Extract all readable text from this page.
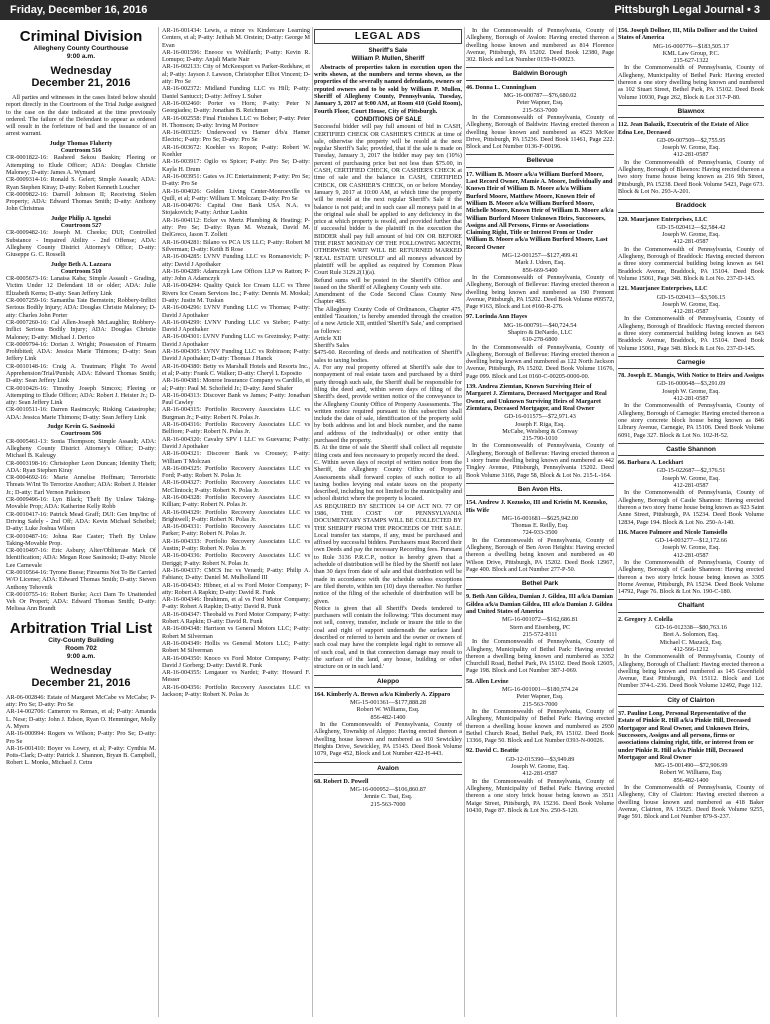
Friday, December 16, 2016	Pittsburgh Legal Journal • 3
Criminal Division
Allegheny County Courthouse
9:00 a.m.
Wednesday
December 21, 2016

All parties and witnesses in the cases listed below should report directly in the Courtroom of the Trial Judge assigned to the case on the date indicated at the time previously ordered. The failure of the Defendant to appear as ordered will result in the forfeiture of bail and the issuance of an arrest warrant.

Judge Thomas Flaherty
Courtroom 516
CR-0001822-16: Rasheed Sekou Baskin; Fleeing or Attempting to Elude Officer; ADA: Douglas Christie Maloney; D-atty: James A. Wymard
CR-0009314-16: Ronald S. Gelert; Simple Assault; ADA: Ryan Stephen Kiray; D-atty: Robert Kenneth Loucher
CR-0009822-16: Darrell Johnson II; Receiving Stolen Property; ADA: Edward Thomas Smith; D-atty: Anthony John Christmas
Judge Philip A. Ignelzi
Courtroom 527
CR-0009482-16: Joseph M. Cheeks; DUI; Controlled Substance - Impaired Ability - 2nd Offense; ADA: Allegheny County District Attorney's Office; D-atty: Giuseppe G. C. Rosselli
Judge Beth A. Lazzara
Courtroom 510
CR-0005673-16: Lanaisa Kaba; Simple Assault - Grading, Victim Under 12 Defendant 18 or older; ADA: Julie Elizabeth Kerns; D-atty: Sean Jeffery Link
CR-0007259-16: Samantha Tate Bernstein; Robbery-Inflict Serious Bodily Injury; ADA: Douglas Christie Maloney; D-atty: Charles John Porter
CR-0007260-16: Cal Allen-Joseph McLaughlin; Robbery-Inflict Serious Bodily Injury; ADA: Douglas Christie Maloney; D-atty: Michael J. Derico
CR-0009794-16: Dorian J. Wright; Possession of Firearm Prohibited; ADA: Jessica Marie Thimons; D-atty: Sean Jeffery Link
CR-0010148-16: Craig A. Trautman; Flight To Avoid Apprehension/Trial/Punish; ADA: Edward Thomas Smith; D-atty: Sean Jeffery Link
CR-0010426-16: Timothy Joseph Simcox; Fleeing or Attempting to Elude Officer; ADA: Robert J. Heister Jr.; D-atty: Sean Jeffery Link
CR-0010511-16: Darren Rasimczyk; Risking Catastrophe; ADA: Jessica Marie Thimons; D-atty: Sean Jeffery Link
Judge Kevin G. Sasinoski
Courtroom 506
CR-0005461-13: Sonia Thompson; Simple Assault; ADA: Allegheny County District Attorney's Office; D-atty: Michael B. Kaleugy
CR-0003198-16: Christopher Leon Duncan; Identity Theft; ADA: Ryan Stephen Kiray
CR-0004692-16: Marie Annelise Hoffman; Terroristic Threats W/Int To Terrorize Another; ADA: Robert J. Heister Jr.; D-atty: Earl Vernon Parkinson
CR-0009496-16: Lyn Black; Theft By Unlaw Taking-Movable Prop; ADA: Katherine Kelly Robb
CR-0010417-16: Patrick Mead Graff; DUI: Gen Imp/Inc of Driving Safely - 2nd Off; ADA: Kevin Michael Scheibel; D-atty: Luke Joshua Wilson
CR-0010487-16: Johna Rae Caster; Theft By Unlaw Taking-Movable Prop.
CR-0010497-16: Eric Asbury; Alter/Obliterate Mark Of Identification; ADA: Megan Rose Sasinoski; D-atty: Nicole Lee Carnevale
CR-0010564-16: Tyrone Buese; Firearms Not To Be Carried W/O License; ADA: Edward Thomas Smith; D-atty: Steven Anthony Tehovnik
CR-0010755-16: Robert Burke; Acci Dam To Unattended Veh Or Propert; ADA: Edward Thomas Smith; D-atty: Melissa Ann Brandt
Arbitration Trial List
City-County Building
Room 702
9:00 a.m.
Wednesday
December 21, 2016
AR-06-002846: Estate of Margaret McCabe vs McCabe; P-atty: Pro Se; D-atty: Pro Se
AR-14-002706: Cameron vs Remax, et al; P-atty: Amanda L. Nese; D-atty: John J. Edson, Ryan O. Hemminger, Molly A. Myers
AR-16-000994: Rogers vs Wilson; P-atty: Pro Se; D-atty: Pro Se
AR-16-001410: Boyer vs Lowry, et al; P-atty: Cynthia M. Potts-Clark; D-atty: Patrick J. Shannon, Bryan B. Campbell, Robert L. Monks, Michael J. Cetra
AR-16-001434: Lewis, a minor vs Kindercare Learning Centers, et al; P-atty: Jeithah M. Orstein; D-atty: George M Evan
AR-16-001596: Eneoce vs Wohlfarth; P-atty: Kevin R. Lomupo; D-atty: Anjali Marie Nair
AR-16-002133: City of McKeesport vs Parker-Redshaw, et al; P-atty: Jayson J. Lawson, Christopher Elliot Vincent; D-atty: Pro Se
AR-16-002372: Midland Funding LLC vs Hill; P-atty: Daniel Santucci; D-atty: Jeffrey L Suher
AR-16-002460: Porter vs Horn; P-atty: Peter N Georgiades; D-atty: Jonathan B. Reichman
AR-16-002558: Final Finishes LLC vs Bober; P-atty: Peter H. Thomson; D-atty: Irving M Porinov
AR-16-003325: Underwood vs Hamer d/b/a Hamer Electric; P-atty: Pro Se; D-atty: Pro Se
AR-16-003672: Koehler vs Ropon; P-atty: Robert W. Koehler
AR-16-003917: Ogilo vs Spicer; P-atty: Pro Se; D-atty: Kayla H. Drum
AR-16-003951: Gates vs JC Entertainment; P-atty: Pro Se; D-atty: Pro Se
AR-16-004026: Golden Living Center-Monroeville vs Quill, et al; P-atty: William T. Molczan; D-atty: Pro Se
AR-16-004076: Capital One Bank USA N.A. vs Stojakovich; P-atty: Arthur Lashin
AR-16-004112: Ecker vs Mertz Plumbing & Heating; P-atty: Pro Se; D-atty: Ryan M. Woznak, David M. DelGreco, Jason T. Zollett
AR-16-004281: Bilano vs PCA US LLC; P-atty: Robert M Silverman; D-atty: Keith B Rose
AR-16-004285: LVNV Funding LLC vs Romanovich; P-atty: David J Apothaker
AR-16-004289: Adamczyk Law Offices LLP vs Ratton; P-atty: John A Adamczyk
AR-16-004294: Quality Quick Ice Cream LLC vs Three Rivers Ice Cream Services Inc.; P-atty: Dennis M. Moskal; D-atty: Justin M. Tuskan
AR-16-004296: LVNV Funding LLC vs Thomas; P-atty: David J Apothaker
AR-16-004299: LVNV Funding LLC vs Sieber; P-atty: David J Apothaker
AR-16-004301: LVNV Funding LLC vs Grezinsky; P-atty: David J Apothaker
AR-16-004305: LVNV Funding LLC vs Robinson; P-atty: David J Apothaker; D-atty: Thomas J Hanck
AR-16-004380: Betty vs Marshall Hotels and Resorts Inc., et al; P-atty: Frank C. Walker; D-atty: Cheryl L Esposito
AR-16-004381: Monroe Insurance Company vs Cardillo, et al; P-atty: Paul M. Schofield Jr.; D-atty: Jared Shafer
AR-16-004313: Discover Bank vs James; P-atty: Jonathan Paul Cawley
AR-16-004315: Portfolio Recovery Associates LLC vs Burgman Jr.; P-atty: Robert N. Polas Jr.
AR-16-004316: Portfolio Recovery Associates LLC vs Belfiore; P-atty: Robert N. Polas Jr.
AR-16-004320: Cavalry SPV I LLC vs Guevarra; P-atty: David J Apothaker
AR-16-004321: Discover Bank vs Crousey; P-atty: William T Molczan
AR-16-004325: Portfolio Recovery Associates LLC vs Ford; P-atty: Robert N. Polas Jr.
AR-16-004327: Portfolio Recovery Associates LLC vs McClintock; P-atty: Robert N. Polas Jr.
AR-16-004328: Portfolio Recovery Associates LLC vs Killian; P-atty: Robert N. Polas Jr.
AR-16-004329: Portfolio Recovery Associates LLC vs Brightwell; P-atty: Robert N. Polas Jr.
AR-16-004331: Portfolio Recovery Associates LLC vs Parker; P-atty: Robert N. Polas Jr.
AR-16-004333: Portfolio Recovery Associates LLC vs Austin; P-atty: Robert N. Polas Jr.
AR-16-004336: Portfolio Recovery Associates LLC vs Deriggi; P-atty: Robert N. Polas Jr.
AR-16-004337: CMCS Inc vs Verardi; P-atty: Philip A. Fabiano; D-atty: Daniel M. Mulholland III
AR-16-004343: Hibner, et al vs Ford Motor Company; P-atty: Robert A Rapkin; D-atty: David R. Funk
AR-16-004346: Ibrahimm, et al vs Ford Motor Company; P-atty: Robert A Rapkin; D-atty: David R. Funk
AR-16-004347: Theobald vs Ford Motor Company; P-atty: Robert A Rapkin; D-atty: David R. Funk
AR-16-004348: Harrison vs General Motors LLC; P-atty: Robert M Silverman
AR-16-004349: Hollis vs General Motors LLC; P-atty: Robert M Silverman
AR-16-004350: Knoco vs Ford Motor Company; P-atty: David J Gorberg; D-atty: David R. Funk
AR-16-004355: Lengauer vs Nardei; P-atty: Howard F. Messer
AR-16-004356: Portfolio Recovery Associates LLC vs Jackson; P-atty: Robert N. Polas Jr.
LEGAL ADS
Sheriff's Sale
William P. Mullen, Sheriff

Abstracts of properties taken in execution upon the writs shown, at the numbers and terms shown, as the properties of the severally named defendants, owners or reputed owners and to be sold by William P. Mullen, Sheriff of Allegheny County, Pennsylvania, Tuesday, January 3, 2017 at 9:00 AM, at Room 410 (Gold Room), Fourth Floor, Court House, City of Pittsburgh.

CONDITIONS OF SALE
Successful bidder will pay full amount of bid in CASH, CERTIFIED CHECK OR CASHIER'S CHECK at time of sale, otherwise the property will be resold at the next regular Sheriff's Sale; provided, that if the sale is made on Tuesday, January 3, 2017 the bidder may pay ten (10%) percent of purchasing price but not less than $75.00, in CASH, CERTIFIED CHECK, OR CASHIER'S CHECK at time of sale and the balance in CASH, CERTIFIED CHECK, OR CASHIER'S CHECK, on or before Monday, January 9, 2017 at 10:00 AM, at which time the property will be resold at the next regular Sheriff's Sale if the balance is not paid; and in such case all moneys paid in at the original sale shall be applied to any deficiency in the price at which property is resold, and provided further that if successful bidder is the plaintiff in the execution the BIDDER shall pay full amount of bid ON OR BEFORE THE FIRST MONDAY OF THE FOLLOWING MONTH, OTHERWISE WRIT WILL BE RETURNED MARKED 'REAL ESTATE UNSOLD' and all moneys advanced by plaintiff will be applied as required by Common Pleas Court Rule 3129.2(1)(a).
Refund sums will be posted in the Sheriff's Office and issued on the Sheriff of Allegheny County web site.
Amendment of the Code Second Class County New Chapter 48S.
The Allegheny County Code of Ordinances, Chapter 475, entitled 'Taxation,' is hereby amended through the creation of a new Article XII, entitled 'Sheriff's Sale,' and comprised as follows:
Article XII
Sheriff's Sales
$475-60. Recording of deeds and notification of Sheriff's sales to taxing bodies.
A. For any real property offered at Sheriff's sale due to nonpayment of real estate taxes and purchased by a third party through such sale, the Sheriff shall be responsible for filing the deed and, within seven days of filing of the Sheriff's deed, provide written notice of the conveyance to the Allegheny County Office of Property Assessments. The written notice required pursuant to this subsection shall include the date of sale, identification of the property sold by both address and lot and block number, and the name and address of the individual(s) or other entity that purchased the property.
B. At the time of sale the Sheriff shall collect all requisite filing costs and fees necessary to properly record the deed.
C. Within seven days of receipt of written notice from the Sheriff, the Allegheny County Office of Property Assessments shall forward copies of such notice to all taxing bodies levying real estate taxes on the property described, including but not limited to the municipality and school district where the property is located.
AS REQUIRED BY SECTION 14 OF ACT NO. 77 OF 1986, THE COST OF PENNSYLVANIA DOCUMENTARY STAMPS WILL BE COLLECTED BY THE SHERIFF FROM THE PROCEEDS OF THE SALE. Local transfer tax stamps, if any, must be purchased and affixed by successful bidders. Purchasers must Record their own Deeds and pay the necessary Recording fees. Pursuant to Rule 3136 P.R.C.P., notice is hereby given that a schedule of distribution will be filed by the Sheriff not later than 30 days from date of sale and that distribution will be made in accordance with the schedule unless exceptions are filed thereto, within ten (10) days thereafter. No further notice of the filing of the schedule of distribution will be given.
Notice is given that all Sheriff's Deeds tendered to purchasers will contain the following: 'This document may not sell, convey, transfer, include or insure the title to the coal and right of support underneath the surface land described or referred to herein and the owner or owners of such coal may have the complete legal right to remove all of such coal, and in that connection damage may result to the surface of the land, any house, building or other structure on or in such land.'
Aleppo

164. Kimberly A. Brown a/k/a Kimberly A. Zipparo

MG-15-001361—$177,888.28
Robert W. Williams, Esq.
856-482-1400

In the Commonwealth of Pennsylvania, County of Allegheny, Township of Aleppo: Having erected thereon a dwelling house known and numbered as 910 Sewickley Heights Drive, Sewickley, PA 15143. Deed Book Volume 1079, Page 452, Block and Lot Number 422-H-443.

Avalon

68. Robert D. Powell

MG-16-000952—$106,860.87
Jennie C. Tsai, Esq.
215-563-7000

In the Commonwealth of Pennsylvania, County of Allegheny, Borough of Avalon: Having erected thereon a dwelling house known and numbered as 814 Florence Avenue, Pittsburgh, PA 15202. Deed Book 12380, Page 302. Block and Lot Number 0159-H-00023.

Baldwin Borough

46. Donna L. Cunningham

MG-16-000787—$76,680.02
Peter Wapner, Esq.
215-563-7000

In the Commonwealth of Pennsylvania, County of Allegheny, Borough of Baldwin: Having erected thereon a dwelling house known and numbered as 4523 McKee Drive, Pittsburgh, PA 15236. Deed Book 11461, Page 222. Block and Lot Number 0136-F-00196.

Bellevue

17. William B. Moore a/k/a William Burford Moore, Last Record Owner, Mamie A. Moore, Individually and Known Heir of William B. Moore a/k/a William Burford Moore, Matthew Moore, Known Heir of William B. Moore a/k/a William Burford Moore, Michelle Moore, Known Heir of William B. Moore a/k/a William Burford Moore Unknown Heirs, Successors, Assigns and All Persons, Firms or Associations Claiming Right, Title or Interest From or Under William B. Moore a/k/a William Burford Moore, Last Record Owner

MG-12-001257—$127,499.41
Mark J. Udren, Esq.
856-669-5400

In the Commonwealth of Pennsylvania, County of Allegheny, Borough of Bellevue: Having erected thereon a dwelling being known and numbered as 190 Fremont Avenue, Pittsburgh, PA 15202. Deed Book Volume #09572, Page #163, Block and Lot #160-R-276.

97. Lorinda Ann Hayes

MG-16-000791—$40,724.54
Shapiro & DeNardo, LLC
610-278-6800

In the Commonwealth of Pennsylvania, County of Allegheny, Borough of Bellevue: Having erected thereon a dwelling being known and numbered as 122 North Jackson Avenue, Pittsburgh, PA 15202. Deed Book Volume 11676, Page 099. Block and Lot 0160-C-00205-0000-00.

139. Andrea Ziemtan, Known Surviving Heir of Margaret J. Ziemtara, Deceased Mortgagor and Real Owner, and Unknown Surviving Heirs of Margaret Ziemtara, Deceased Mortgagor, and Real Owner

GD-16-011575—$72,971.43
Joseph F. Riga, Esq.
McCabe, Weisberg & Conway
215-790-1010

In the Commonwealth of Pennsylvania, County of Allegheny, Borough of Bellevue: Having erected thereon a 1 story frame dwelling being known and numbered as 442 Tingley Avenue, Pittsburgh, Pennsylvania 15202. Deed Book Volume 3166, Page 58, Block & Lot No. 215-L-164.

Ben Avon Hts.

154. Andrew J. Kozusko, III and Kristin M. Kozusko, His Wife

MG-16-001681—$625,942.00
Thomas E. Reilly, Esq.
724-933-3500

In the Commonwealth of Pennsylvania, County of Allegheny, Borough of Ben Avon Heights: Having erected thereon a dwelling being known and numbered as 40 Wilson Drive, Pittsburgh, PA 15202. Deed Book 12967, Page 400. Block and Lot Number 277-P-50.

Bethel Park

9. Beth Ann Gildea, Damian J. Gildea, III a/k/a Damian Gildea a/k/a Damian Gildea, III a/k/a Damian J. Gildea and United States of America

MG-16-001072—$162,686.81
Stern and Eisenberg, PC
215-572-8111

In the Commonwealth of Pennsylvania, County of Allegheny, Municipality of Bethel Park: Having erected thereon a dwelling being known and numbered as 3352 Churchill Road, Bethel Park, PA 15102. Deed Book 12605, Page 198. Block and Lot Number 387-J-069.

58. Allen Levine

MG-16-001001—$180,574.24
Peter Wapner, Esq.
215-563-7000

In the Commonwealth of Pennsylvania, County of Allegheny, Municipality of Bethel Park: Having erected thereon a dwelling house known and numbered as 2930 Bethel Church Road, Bethel Park, PA 15102. Deed Book 13366, Page 50. Block and Lot Number 0393-N-00026.

92. David C. Beattie

GD-12-015390—$3,949.89
Joseph W. Grome, Esq.
412-281-0587

In the Commonwealth of Pennsylvania, County of Allegheny, Municipality of Bethel Park: Having erected thereon a one story brick house being known as 3511 Maige Street, Pittsburgh, PA 15236. Deed Book Volume 10430, Page 87. Block & Lot No. 250-S-120.

156. Joseph Dollner, III, Mila Dollner and the United States of America

MG-16-000776—$183,505.17
KML Law Group, P.C.
215-627-1322

In the Commonwealth of Pennsylvania, County of Allegheny, Municipality of Bethel Park: Having erected thereon a one story dwelling being known and numbered as 102 Stuart Street, Bethel Park, PA 15102. Deed Book Volume 10930, Page 262, Block & Lot 317-P-80.

Blawnox

112. Jean Balazik, Executrix of the Estate of Alice Edna Lee, Deceased

GD-09-007509—$2,755.95
Joseph W. Grome, Esq.
412-281-0587

In the Commonwealth of Pennsylvania, County of Allegheny, Borough of Blawnox: Having erected thereon a two story frame house being known as 216 9th Street, Pittsburgh, PA 15238. Deed Book Volume 5423, Page 673. Block & Lot No. 293-A-201.

Braddock

120. Maurjanee Enterprises, LLC

GD-15-020412—$2,584.42
Joseph W. Grome, Esq.
412-281-0587

In the Commonwealth of Pennsylvania, County of Allegheny, Borough of Braddock: Having erected thereon a three story commercial building being known as 641 Braddock Avenue, Braddock, PA 15104. Deed Book Volume 15061, Page 348. Block & Lot No. 237-D-143.

121. Maurjanee Enterprises, LLC

GD-15-020413—$3,506.15
Joseph W. Grome, Esq.
412-281-0587

In the Commonwealth of Pennsylvania, County of Allegheny, Borough of Braddock: Having erected thereon a three story commercial building being known as 643 Braddock Avenue, Braddock, PA 15104. Deed Book Volume 15061, Page 348. Block & Lot No. 237-D-145.

Carnegie

78. Joseph E. Mangis, With Notice to Heirs and Assigns

GD-16-000648—$3,291.09
Joseph W. Grome, Esq.
412-281-0587

In the Commonwealth of Pennsylvania, County of Allegheny, Borough of Carnegie: Having erected thereon a one story concrete block house being known as 846 Library Avenue, Carnegie, PA 15106. Deed Book Volume 6091, Page 327. Block & Lot No. 102-H-52.

Castle Shannon

66. Barbara A. Lockhart

GD-15-022687—$2,376.51
Joseph W. Grome, Esq.
412-281-0587

In the Commonwealth of Pennsylvania, County of Allegheny, Borough of Castle Shannon: Having erected thereon a two story frame house being known as 923 Saint Anne Street, Pittsburgh, PA 15234. Deed Book Volume 12834, Page 194. Block & Lot No. 250-A-140.

116. Maceo Palmore and Nicole Tamsiello

GD-14-003277—$12,172.66
Joseph W. Grome, Esq.
412-281-0587

In the Commonwealth of Pennsylvania, County of Allegheny, Borough of Castle Shannon: Having erected thereon a two story brick house being known as 3305 Horne Avenue, Pittsburgh, PA 15234. Deed Book Volume 14792, Page 76. Block & Lot No. 190-C-180.

Chalfant

2. Gregory J. Colella

GD-16-012338—$80,763.16
Bret A. Solomon, Esq.
Michael C. Mazack, Esq.
412-566-1212

In the Commonwealth of Pennsylvania, County of Allegheny, Borough of Chalfant: Having erected thereon a dwelling being known and numbered as 145 Greenfield Avenue, East Pittsburgh, PA 15112. Block and Lot Number 374-L-236. Deed Book Volume 12492, Page 112.

City of Clairton

37. Pauline Long, Personal Representative of the Estate of Pinkie R. Hill a/k/a Pinkie Hill, Deceased Mortgagor and Real Owner, and Unknown Heirs, Successors, Assigns and all persons, firms or associations claiming right, title, or interest from or under Pinkie R. Hill a/k/a Pinkie Hill, Deceased Mortgagor and Real Owner

MG-15-001490—$72,906.99
Robert W. Williams, Esq.
856-482-1400

In the Commonwealth of Pennsylvania, County of Allegheny, City of Clairton: Having erected thereon a dwelling house known and numbered as 418 Baker Avenue, Clairton, PA 15025. Deed Book Volume 9255, Page 591. Block and Lot Number 879-S-237.
